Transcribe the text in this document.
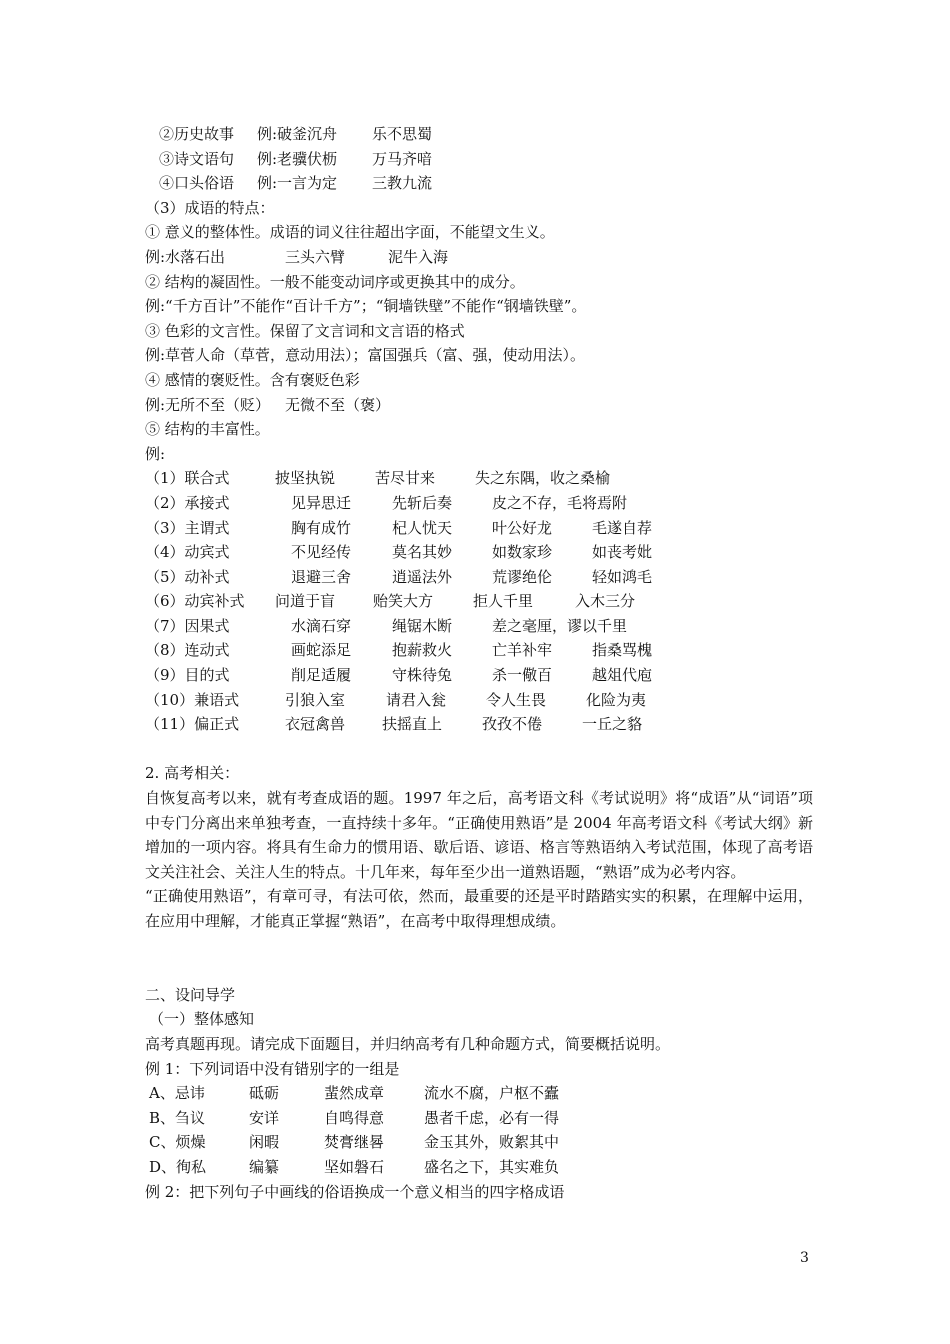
②历史故事 例:破釜沉舟 乐不思蜀
③诗文语句 例:老骥伏枥 万马齐喑
④口头俗语 例:一言为定 三教九流
（3）成语的特点：
① 意义的整体性。成语的词义往往超出字面，不能望文生义。
例:水落石出	三头六臂	泥牛入海
② 结构的凝固性。一般不能变动词序或更换其中的成分。
例:“千方百计”不能作“百计千方”；“铜墙铁壁”不能作“钢墙铁壁”。
③ 色彩的文言性。保留了文言词和文言语的格式
例:草菅人命（草菅，意动用法）；富国强兵（富、强，使动用法）。
④ 感情的褒贬性。含有褒贬色彩
例:无所不至（贬） 无微不至（褒）
⑤ 结构的丰富性。
例:
（1）联合式	披坚执锐	苦尽甘来	失之东隅，收之桑榆
（2）承接式	见异思迁	先斩后奏	皮之不存，毛将焉附
（3）主谓式	胸有成竹	杞人忧天	叶公好龙	毛遂自荐
（4）动宾式	不见经传	莫名其妙	如数家珍	如丧考妣
（5）动补式	退避三舍	逍遥法外	荒谬绝伦	轻如鸿毛
（6）动宾补式 问道于盲	贻笑大方	拒人千里	入木三分
（7）因果式	水滴石穿	绳锯木断	差之毫厘，谬以千里
（8）连动式	画蛇添足	抱薪救火	亡羊补牢	指桑骂槐
（9）目的式	削足适履	守株待兔	杀一儆百	越俎代庖
（10）兼语式	引狼入室	请君入瓮	令人生畏	化险为夷
（11）偏正式	衣冠禽兽 扶摇直上	孜孜不倦	一丘之貉
2. 高考相关：
自恢复高考以来，就有考查成语的题。1997 年之后，高考语文科《考试说明》将“成语”从“词语”项中专门分离出来单独考查，一直持续十多年。“正确使用熟语”是 2004 年高考语文科《考试大纲》新增加的一项内容。将具有生命力的惯用语、歇后语、谚语、格言等熟语纳入考试范围，体现了高考语文关注社会、关注人生的特点。十几年来，每年至少出一道熟语题，“熟语”成为必考内容。
“正确使用熟语”，有章可寻，有法可依，然而，最重要的还是平时踏踏实实的积累，在理解中运用，在应用中理解，才能真正掌握“熟语”，在高考中取得理想成绩。
二、设问导学
（一）整体感知
高考真题再现。请完成下面题目，并归纳高考有几种命题方式，简要概括说明。
例 1：下列词语中没有错别字的一组是
A、忌讳	砥砺	蜚然成章	流水不腐，户枢不蠹
B、刍议	安详	自鸣得意	愚者千虑，必有一得
C、烦燥	闲暇	焚膏继晷	金玉其外，败絮其中
D、徇私	编纂	坚如磐石	盛名之下，其实难负
例 2：把下列句子中画线的俗语换成一个意义相当的四字格成语
3
